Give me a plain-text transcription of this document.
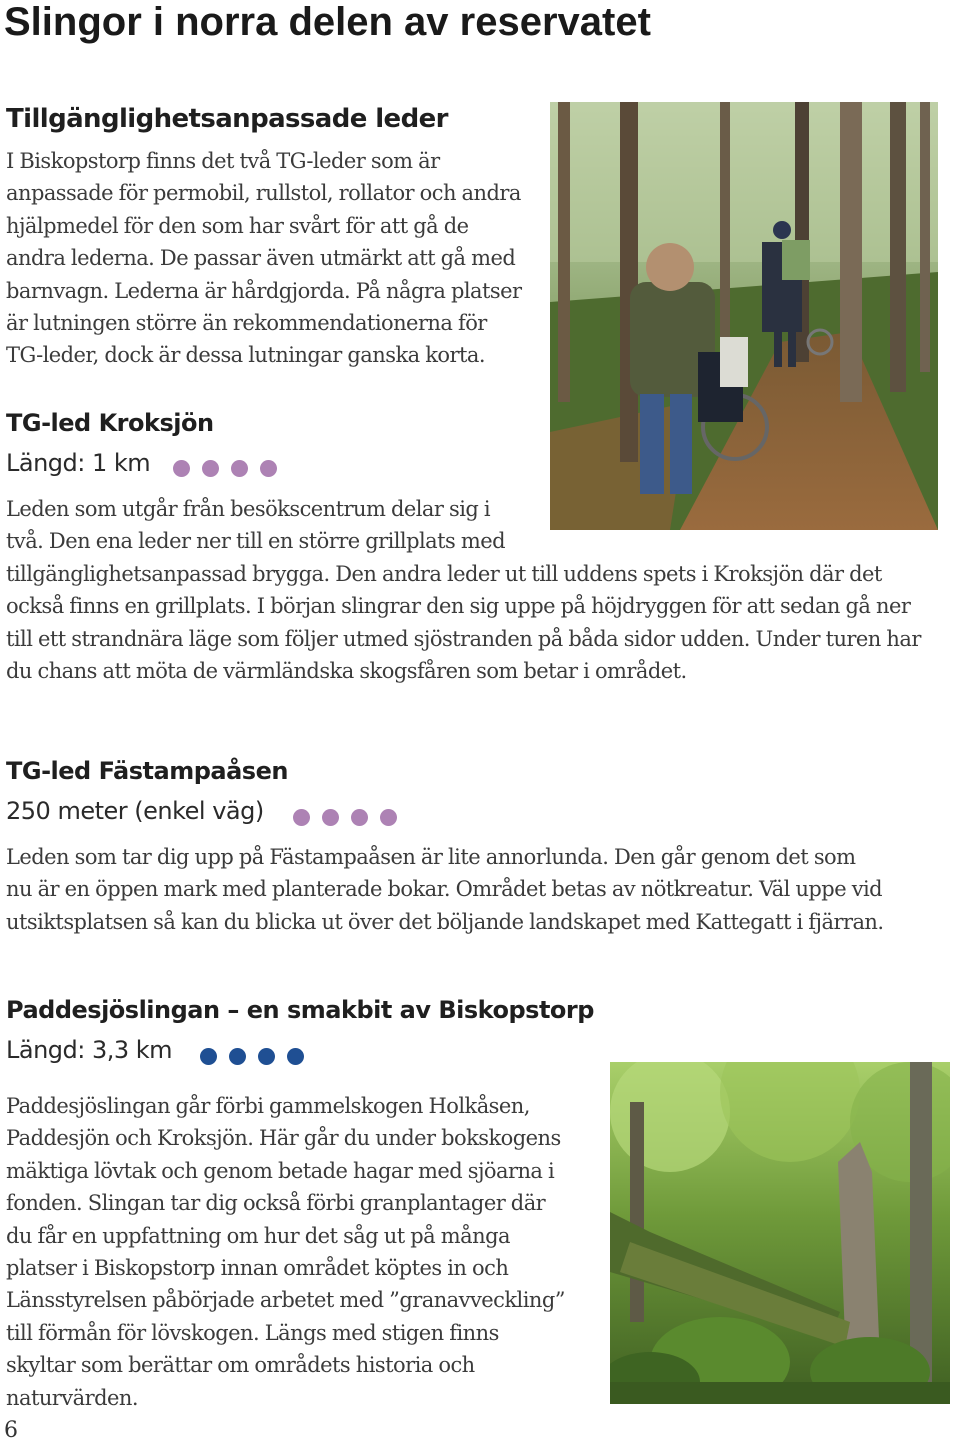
Slingor i norra delen av reservatet
Tillgänglighetsanpassade leder
I Biskopstorp finns det två TG-leder som är
anpassade för permobil, rullstol, rollator och andra
hjälpmedel för den som har svårt för att gå de
andra lederna. De passar även utmärkt att gå med
barnvagn. Lederna är hårdgjorda. På några platser
är lutningen större än rekommendationerna för
TG-leder, dock är dessa lutningar ganska korta.
TG-led Kroksjön

Längd: 1 km

Leden som utgår från besökscentrum delar sig i
två. Den ena leder ner till en större grillplats med
tillgänglighetsanpassad brygga. Den andra leder ut till uddens spets i Kroksjön där det
också finns en grillplats. I början slingrar den sig uppe på höjdryggen för att sedan gå ner
till ett strandnära läge som följer utmed sjöstranden på båda sidor udden. Under turen har
du chans att möta de värmländska skogsfåren som betar i området.
TG-led Fästampaåsen

250 meter (enkel väg)

Leden som tar dig upp på Fästampaåsen är lite annorlunda. Den går genom det som
nu är en öppen mark med planterade bokar. Området betas av nötkreatur. Väl uppe vid
utsiktsplatsen så kan du blicka ut över det böljande landskapet med Kattegatt i fjärran.
Paddesjöslingan – en smakbit av Biskopstorp

Längd: 3,3 km

Paddesjöslingan går förbi gammelskogen Holkåsen,
Paddesjön och Kroksjön. Här går du under bokskogens
mäktiga lövtak och genom betade hagar med sjöarna i
fonden. Slingan tar dig också förbi granplantager där
du får en uppfattning om hur det såg ut på många
platser i Biskopstorp innan området köptes in och
Länsstyrelsen påbörjade arbetet med ”granavveckling”
till förmån för lövskogen. Längs med stigen finns
skyltar som berättar om områdets historia och
naturvärden.

6
